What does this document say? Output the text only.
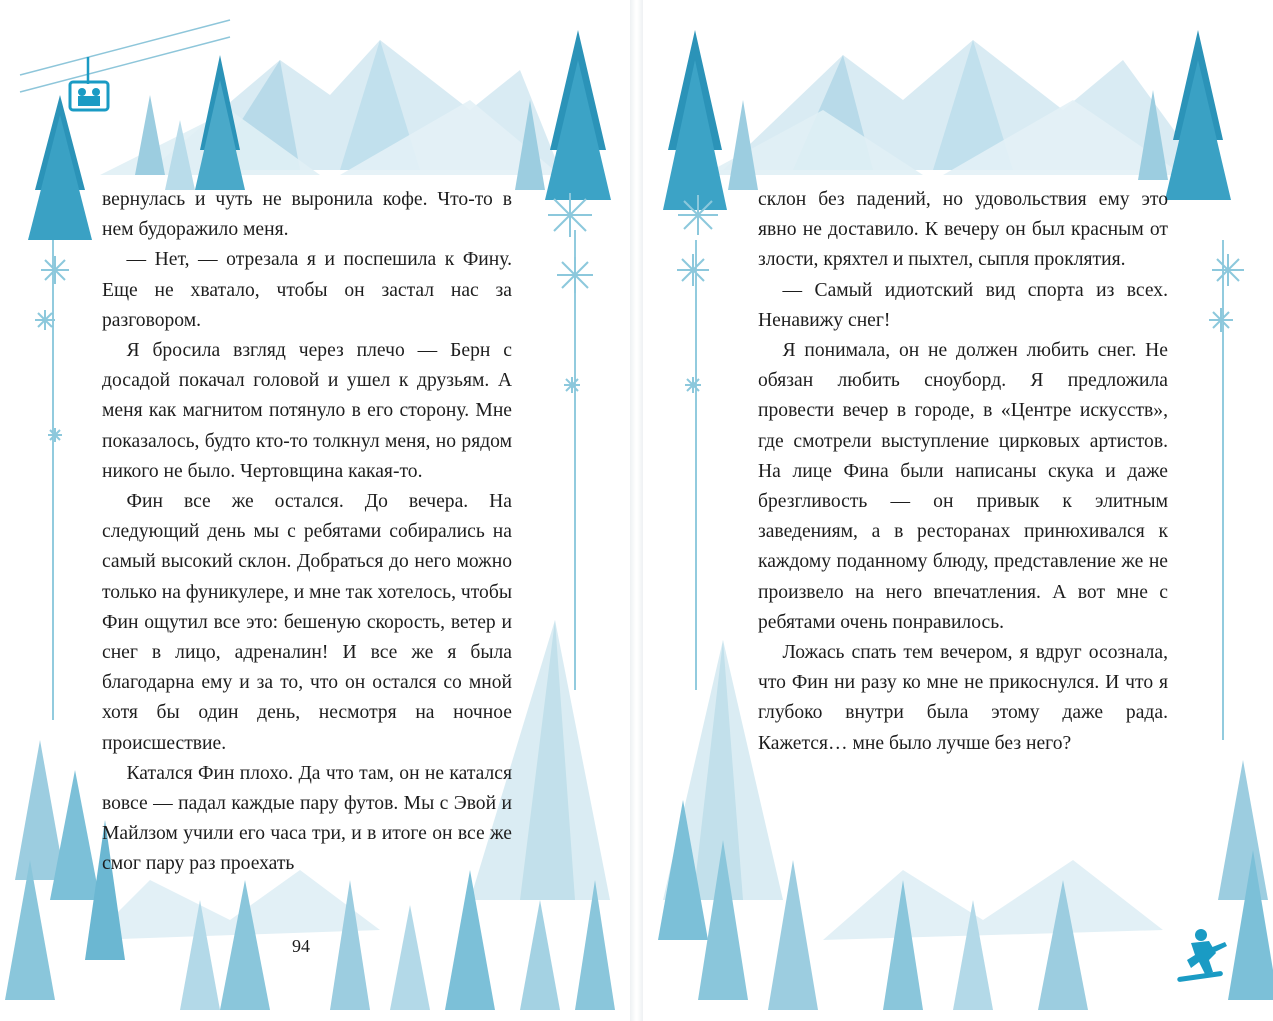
вернулась и чуть не выронила кофе. Что-то в нем будоражило меня.

— Нет, — отрезала я и поспешила к Фину. Еще не хватало, чтобы он застал нас за разговором.

Я бросила взгляд через плечо — Берн с досадой покачал головой и ушел к друзьям. А меня как магнитом потянуло в его сторону. Мне показалось, будто кто-то толкнул меня, но рядом никого не было. Чертовщина какая-то.

Фин все же остался. До вечера. На следующий день мы с ребятами собирались на самый высокий склон. Добраться до него можно только на фуникулере, и мне так хотелось, чтобы Фин ощутил все это: бешеную скорость, ветер и снег в лицо, адреналин! И все же я была благодарна ему и за то, что он остался со мной хотя бы один день, несмотря на ночное происшествие.

Катался Фин плохо. Да что там, он не катался вовсе — падал каждые пару футов. Мы с Эвой и Майлзом учили его часа три, и в итоге он все же смог пару раз проехать

94

склон без падений, но удовольствия ему это явно не доставило. К вечеру он был красным от злости, кряхтел и пыхтел, сыпля проклятия.

— Самый идиотский вид спорта из всех. Ненавижу снег!

Я понимала, он не должен любить снег. Не обязан любить сноуборд. Я предложила провести вечер в городе, в «Центре искусств», где смотрели выступление цирковых артистов. На лице Фина были написаны скука и даже брезгливость — он привык к элитным заведениям, а в ресторанах принюхивался к каждому поданному блюду, представление же не произвело на него впечатления. А вот мне с ребятами очень понравилось.

Ложась спать тем вечером, я вдруг осознала, что Фин ни разу ко мне не прикоснулся. И что я глубоко внутри была этому даже рада. Кажется… мне было лучше без него?
